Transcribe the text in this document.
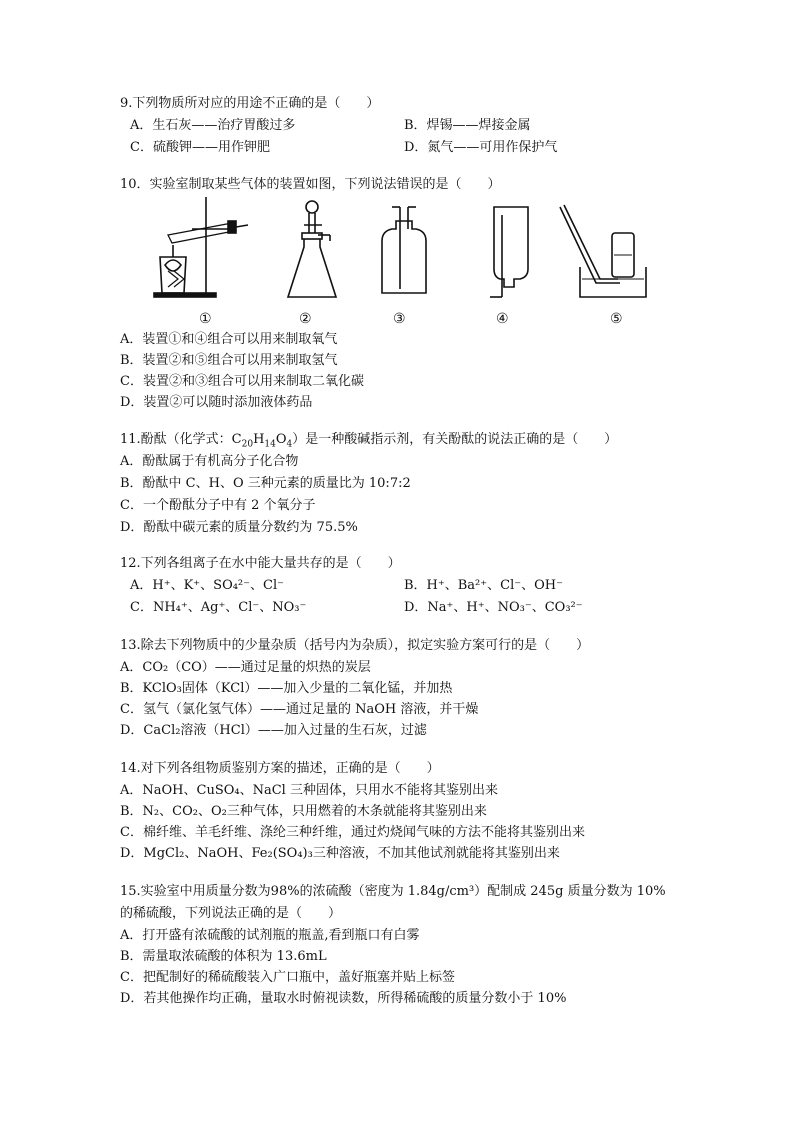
9.下列物质所对应的用途不正确的是（　　）
A．生石灰——治疗胃酸过多	B．焊锡——焊接金属
C．硫酸钾——用作钾肥	D．氮气——可用作保护气
10．实验室制取某些气体的装置如图，下列说法错误的是（　　）
①	②	③	④	⑤
A．装置①和④组合可以用来制取氧气
B．装置②和⑤组合可以用来制取氢气
C．装置②和③组合可以用来制取二氧化碳
D．装置②可以随时添加液体药品
11.酚酞（化学式：$C_{20}H_{14}O_4$）是一种酸碱指示剂，有关酚酞的说法正确的是（　　）
A．酚酞属于有机高分子化合物
B．酚酞中 C、H、O 三种元素的质量比为 10:7:2
C．一个酚酞分子中有 2 个氧分子
D．酚酞中碳元素的质量分数约为 75.5%
12.下列各组离子在水中能大量共存的是（　　）
A．H⁺、K⁺、SO₄²⁻、Cl⁻	B．H⁺、Ba²⁺、Cl⁻、OH⁻
C．NH₄⁺、Ag⁺、Cl⁻、NO₃⁻	D．Na⁺、H⁺、NO₃⁻、CO₃²⁻
13.除去下列物质中的少量杂质（括号内为杂质），拟定实验方案可行的是（　　）
A．CO₂（CO）——通过足量的炽热的炭层
B．KClO₃固体（KCl）——加入少量的二氧化锰，并加热
C．氢气（氯化氢气体）——通过足量的 NaOH 溶液，并干燥
D．CaCl₂溶液（HCl）——加入过量的生石灰，过滤
14.对下列各组物质鉴别方案的描述，正确的是（　　）
A．NaOH、CuSO₄、NaCl 三种固体，只用水不能将其鉴别出来
B．N₂、CO₂、O₂三种气体，只用燃着的木条就能将其鉴别出来
C．棉纤维、羊毛纤维、涤纶三种纤维，通过灼烧闻气味的方法不能将其鉴别出来
D．MgCl₂、NaOH、Fe₂(SO₄)₃三种溶液，不加其他试剂就能将其鉴别出来
15.实验室中用质量分数为98%的浓硫酸（密度为 1.84g/cm³）配制成 245g 质量分数为 10%
的稀硫酸，下列说法正确的是（　　）
A．打开盛有浓硫酸的试剂瓶的瓶盖,看到瓶口有白雾
B．需量取浓硫酸的体积为 13.6mL
C．把配制好的稀硫酸装入广口瓶中，盖好瓶塞并贴上标签
D．若其他操作均正确，量取水时俯视读数，所得稀硫酸的质量分数小于 10%
